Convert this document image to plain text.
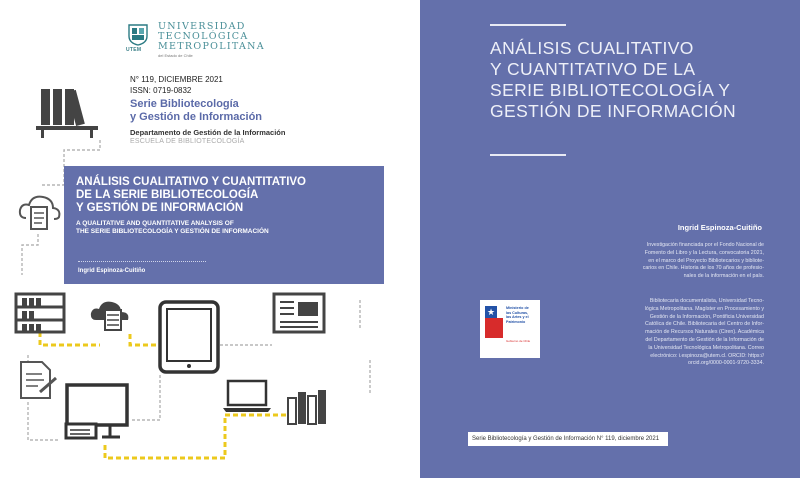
UTEM
UNIVERSIDAD
TECNOLÓGICA
METROPOLITANA
del Estado de Chile
N° 119, DICIEMBRE 2021
ISSN: 0719-0832
Serie Bibliotecología
y Gestión de Información
Departamento de Gestión de la Información
ESCUELA DE BIBLIOTECOLOGÍA
ANÁLISIS CUALITATIVO Y CUANTITATIVO
DE LA SERIE BIBLIOTECOLOGÍA
Y GESTIÓN DE INFORMACIÓN
A QUALITATIVE AND QUANTITATIVE ANALYSIS OF
THE SERIE BIBLIOTECOLOGÍA Y GESTIÓN DE INFORMACIÓN
Ingrid Espinoza-Cuitiño
ANÁLISIS CUALITATIVO
Y CUANTITATIVO DE LA
SERIE BIBLIOTECOLOGÍA Y
GESTIÓN DE INFORMACIÓN
Ingrid Espinoza-Cuitiño
Investigación financiada por el Fondo Nacional de
Fomento del Libro y la Lectura, convocatoria 2021,
en el marco del Proyecto Bibliotecarios y bibliote-
carios en Chile. Historia de los 70 años de profesio-
nales de la información en el país.
Bibliotecaria documentalista, Universidad Tecno-
lógica Metropolitana. Magíster en Procesamiento y
Gestión de la Información, Pontificia Universidad
Católica de Chile. Bibliotecaria del Centro de Infor-
mación de Recursos Naturales (Ciren). Académica
del Departamento de Gestión de la Información de
la Universidad Tecnológica Metropolitana. Correo
electrónico: i.espinoza@utem.cl. ORCID: https://
orcid.org/0000-0001-9720-3334.
★	Ministerio de
las Culturas,
las Artes y el
Patrimonio
Gobierno de Chile
Serie Bibliotecología y Gestión de Información N° 119, diciembre 2021
